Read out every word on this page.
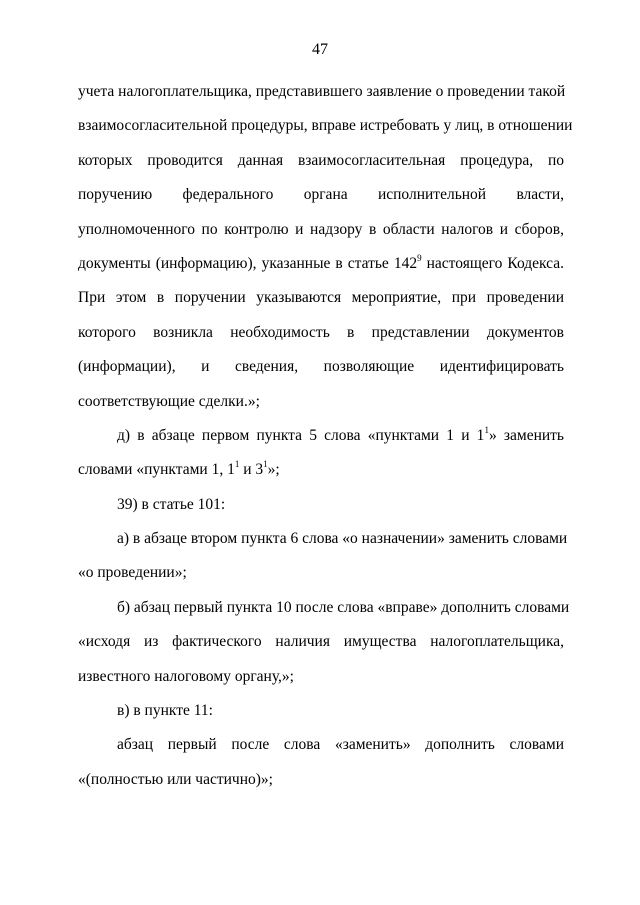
47
учета налогоплательщика, представившего заявление о проведении такой
взаимосогласительной процедуры, вправе истребовать у лиц, в отношении
которых проводится данная взаимосогласительная процедура, по
поручению федерального органа исполнительной власти,
уполномоченного по контролю и надзору в области налогов и сборов,
документы (информацию), указанные в статье $142^9$ настоящего Кодекса.
При этом в поручении указываются мероприятие, при проведении
которого возникла необходимость в представлении документов
(информации), и сведения, позволяющие идентифицировать
соответствующие сделки.»;
д) в абзаце первом пункта 5 слова «пунктами 1 и $1^1$» заменить
словами «пунктами 1, $1^1$ и $3^1$»;
39) в статье 101:
а) в абзаце втором пункта 6 слова «о назначении» заменить словами
«о проведении»;
б) абзац первый пункта 10 после слова «вправе» дополнить словами
«исходя из фактического наличия имущества налогоплательщика,
известного налоговому органу,»;
в) в пункте 11:
абзац первый после слова «заменить» дополнить словами
«(полностью или частично)»;
